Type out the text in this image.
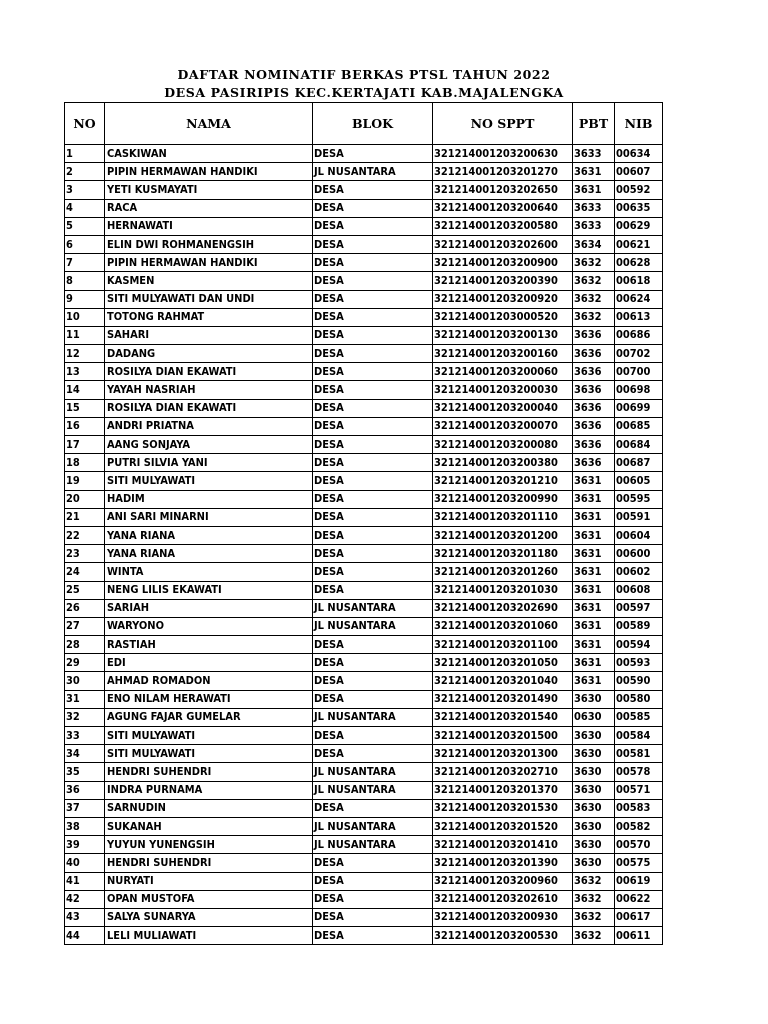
DAFTAR NOMINATIF BERKAS PTSL TAHUN 2022
DESA PASIRIPIS KEC.KERTAJATI KAB.MAJALENGKA
NO	NAMA	BLOK	NO SPPT	PBT	NIB
1	CASKIWAN	DESA	321214001203200630	3633	00634
2	PIPIN HERMAWAN HANDIKI	JL NUSANTARA	321214001203201270	3631	00607
3	YETI KUSMAYATI	DESA	321214001203202650	3631	00592
4	RACA	DESA	321214001203200640	3633	00635
5	HERNAWATI	DESA	321214001203200580	3633	00629
6	ELIN DWI ROHMANENGSIH	DESA	321214001203202600	3634	00621
7	PIPIN HERMAWAN HANDIKI	DESA	321214001203200900	3632	00628
8	KASMEN	DESA	321214001203200390	3632	00618
9	SITI MULYAWATI DAN UNDI	DESA	321214001203200920	3632	00624
10	TOTONG RAHMAT	DESA	321214001203000520	3632	00613
11	SAHARI	DESA	321214001203200130	3636	00686
12	DADANG	DESA	321214001203200160	3636	00702
13	ROSILYA DIAN EKAWATI	DESA	321214001203200060	3636	00700
14	YAYAH NASRIAH	DESA	321214001203200030	3636	00698
15	ROSILYA DIAN EKAWATI	DESA	321214001203200040	3636	00699
16	ANDRI PRIATNA	DESA	321214001203200070	3636	00685
17	AANG SONJAYA	DESA	321214001203200080	3636	00684
18	PUTRI SILVIA YANI	DESA	321214001203200380	3636	00687
19	SITI MULYAWATI	DESA	321214001203201210	3631	00605
20	HADIM	DESA	321214001203200990	3631	00595
21	ANI SARI MINARNI	DESA	321214001203201110	3631	00591
22	YANA RIANA	DESA	321214001203201200	3631	00604
23	YANA RIANA	DESA	321214001203201180	3631	00600
24	WINTA	DESA	321214001203201260	3631	00602
25	NENG LILIS EKAWATI	DESA	321214001203201030	3631	00608
26	SARIAH	JL NUSANTARA	321214001203202690	3631	00597
27	WARYONO	JL NUSANTARA	321214001203201060	3631	00589
28	RASTIAH	DESA	321214001203201100	3631	00594
29	EDI	DESA	321214001203201050	3631	00593
30	AHMAD ROMADON	DESA	321214001203201040	3631	00590
31	ENO NILAM HERAWATI	DESA	321214001203201490	3630	00580
32	AGUNG FAJAR GUMELAR	JL NUSANTARA	321214001203201540	0630	00585
33	SITI MULYAWATI	DESA	321214001203201500	3630	00584
34	SITI MULYAWATI	DESA	321214001203201300	3630	00581
35	HENDRI SUHENDRI	JL NUSANTARA	321214001203202710	3630	00578
36	INDRA PURNAMA	JL NUSANTARA	321214001203201370	3630	00571
37	SARNUDIN	DESA	321214001203201530	3630	00583
38	SUKANAH	JL NUSANTARA	321214001203201520	3630	00582
39	YUYUN YUNENGSIH	JL NUSANTARA	321214001203201410	3630	00570
40	HENDRI SUHENDRI	DESA	321214001203201390	3630	00575
41	NURYATI	DESA	321214001203200960	3632	00619
42	OPAN MUSTOFA	DESA	321214001203202610	3632	00622
43	SALYA SUNARYA	DESA	321214001203200930	3632	00617
44	LELI MULIAWATI	DESA	321214001203200530	3632	00611
